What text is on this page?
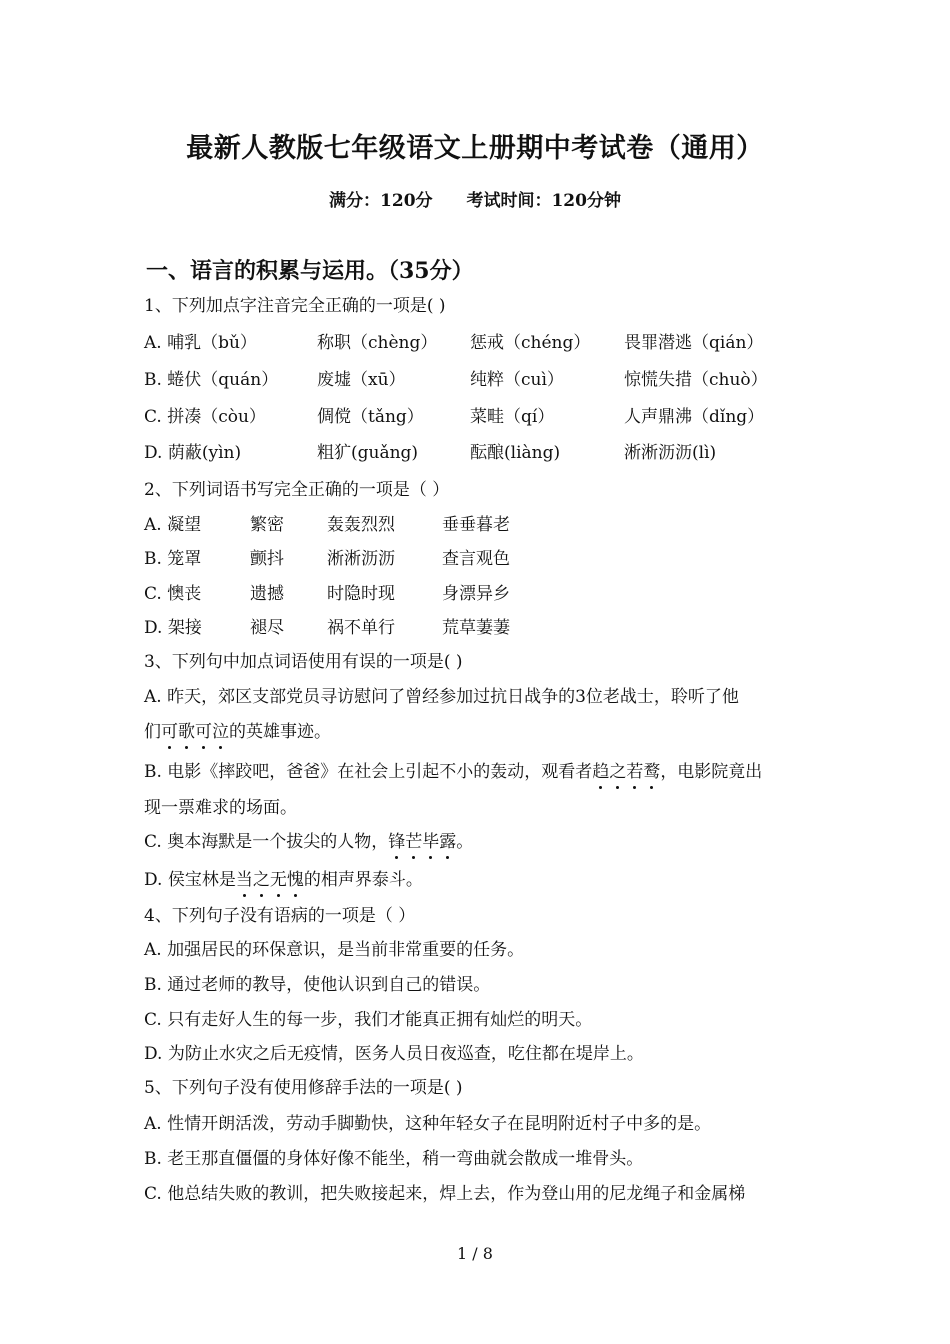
最新人教版七年级语文上册期中考试卷（通用）
满分：120分 考试时间：120分钟
一、语言的积累与运用。（35分）
1、下列加点字注音完全正确的一项是( )
A. 哺乳（bǔ）	称职（chèng） 惩戒（chéng） 畏罪潜逃（qián）
B. 蜷伏（quán） 废墟（xū）	纯粹（cuì）	惊慌失措（chuò）
C. 拼凑（còu）	倜傥（tǎng）	菜畦（qí）	人声鼎沸（dǐng）
D. 荫蔽(yìn)	粗犷(guǎng)	酝酿(liàng)	淅淅沥沥(lì)
2、下列词语书写完全正确的一项是（ ）
A. 凝望	繁密	轰轰烈烈	垂垂暮老
B. 笼罩	颤抖	淅淅沥沥	查言观色
C. 懊丧	遗撼	时隐时现	身漂异乡
D. 架接	褪尽	祸不单行	荒草萋萋
3、下列句中加点词语使用有误的一项是( )
A. 昨天，郊区支部党员寻访慰问了曾经参加过抗日战争的3位老战士，聆听了他
们可歌可泣的英雄事迹。
B. 电影《摔跤吧，爸爸》在社会上引起不小的轰动，观看者趋之若鹜，电影院竟出
现一票难求的场面。
C. 奥本海默是一个拔尖的人物，锋芒毕露。
D. 侯宝林是当之无愧的相声界泰斗。
4、下列句子没有语病的一项是（ ）
A. 加强居民的环保意识，是当前非常重要的任务。
B. 通过老师的教导，使他认识到自己的错误。
C. 只有走好人生的每一步，我们才能真正拥有灿烂的明天。
D. 为防止水灾之后无疫情，医务人员日夜巡查，吃住都在堤岸上。
5、下列句子没有使用修辞手法的一项是( )
A. 性情开朗活泼，劳动手脚勤快，这种年轻女子在昆明附近村子中多的是。
B. 老王那直僵僵的身体好像不能坐，稍一弯曲就会散成一堆骨头。
C. 他总结失败的教训，把失败接起来，焊上去，作为登山用的尼龙绳子和金属梯
1 / 8
